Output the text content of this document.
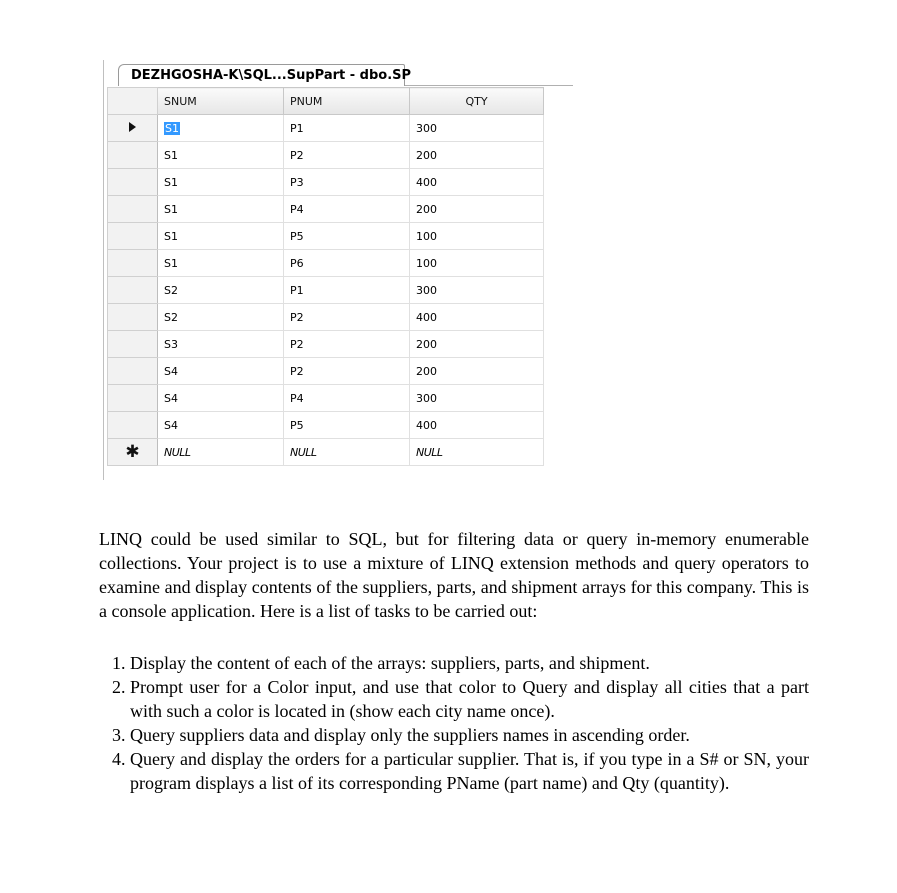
DEZHGOSHA-K\SQL...SupPart - dbo.SP
	SNUM	PNUM	QTY
	S1	P1	300
	S1	P2	200
	S1	P3	400
	S1	P4	200
	S1	P5	100
	S1	P6	100
	S2	P1	300
	S2	P2	400
	S3	P2	200
	S4	P2	200
	S4	P4	300
	S4	P5	400
✱	NULL	NULL	NULL

LINQ could be used similar to SQL, but for filtering data or query in-memory enumerable collections. Your project is to use a mixture of LINQ extension methods and query operators to examine and display contents of the suppliers, parts, and shipment arrays for this company. This is a console application. Here is a list of tasks to be carried out:

1. Display the content of each of the arrays: suppliers, parts, and shipment.
2. Prompt user for a Color input, and use that color to Query and display all cities that a part with such a color is located in (show each city name once).
3. Query suppliers data and display only the suppliers names in ascending order.
4. Query and display the orders for a particular supplier. That is, if you type in a S# or SN, your program displays a list of its corresponding PName (part name) and Qty (quantity).
